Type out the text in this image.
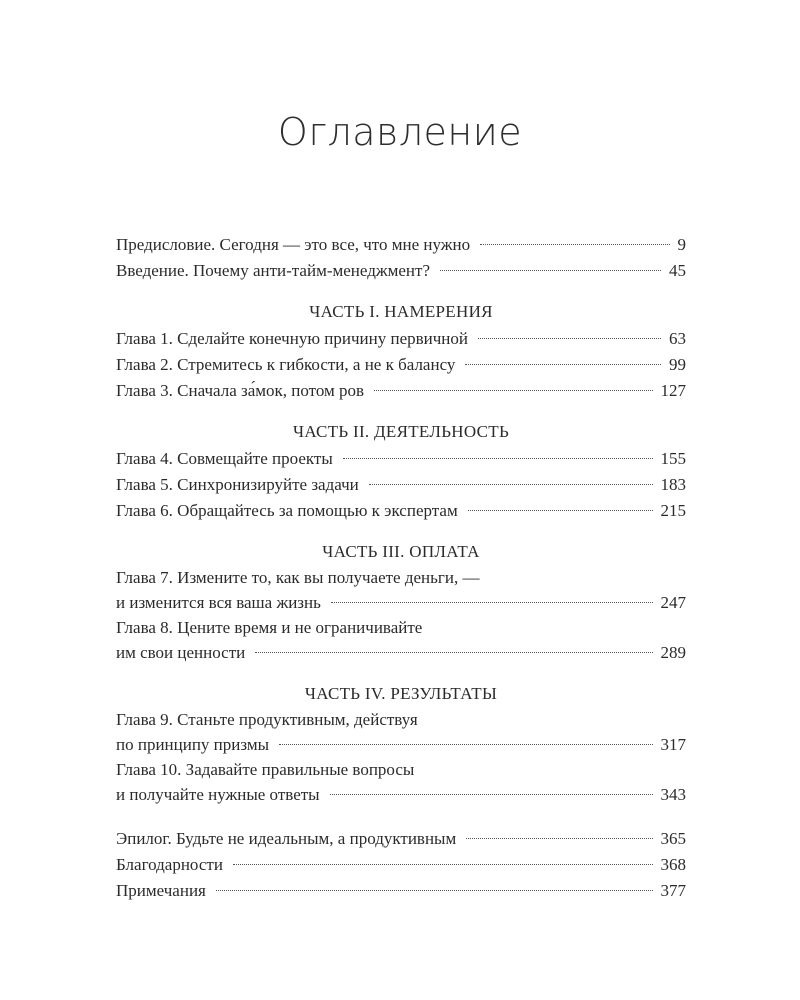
Оглавление
Предисловие. Сегодня — это все, что мне нужно	9
Введение. Почему анти-тайм-менеджмент?	45
ЧАСТЬ I. НАМЕРЕНИЯ
Глава 1. Сделайте конечную причину первичной	63
Глава 2. Стремитесь к гибкости, а не к балансу	99
Глава 3. Сначала за́мок, потом ров	127
ЧАСТЬ II. ДЕЯТЕЛЬНОСТЬ
Глава 4. Совмещайте проекты	155
Глава 5. Синхронизируйте задачи	183
Глава 6. Обращайтесь за помощью к экспертам	215
ЧАСТЬ III. ОПЛАТА
Глава 7. Измените то, как вы получаете деньги, —
и изменится вся ваша жизнь	247
Глава 8. Цените время и не ограничивайте
им свои ценности	289
ЧАСТЬ IV. РЕЗУЛЬТАТЫ
Глава 9. Станьте продуктивным, действуя
по принципу призмы	317
Глава 10. Задавайте правильные вопросы
и получайте нужные ответы	343
Эпилог. Будьте не идеальным, а продуктивным	365
Благодарности	368
Примечания	377
